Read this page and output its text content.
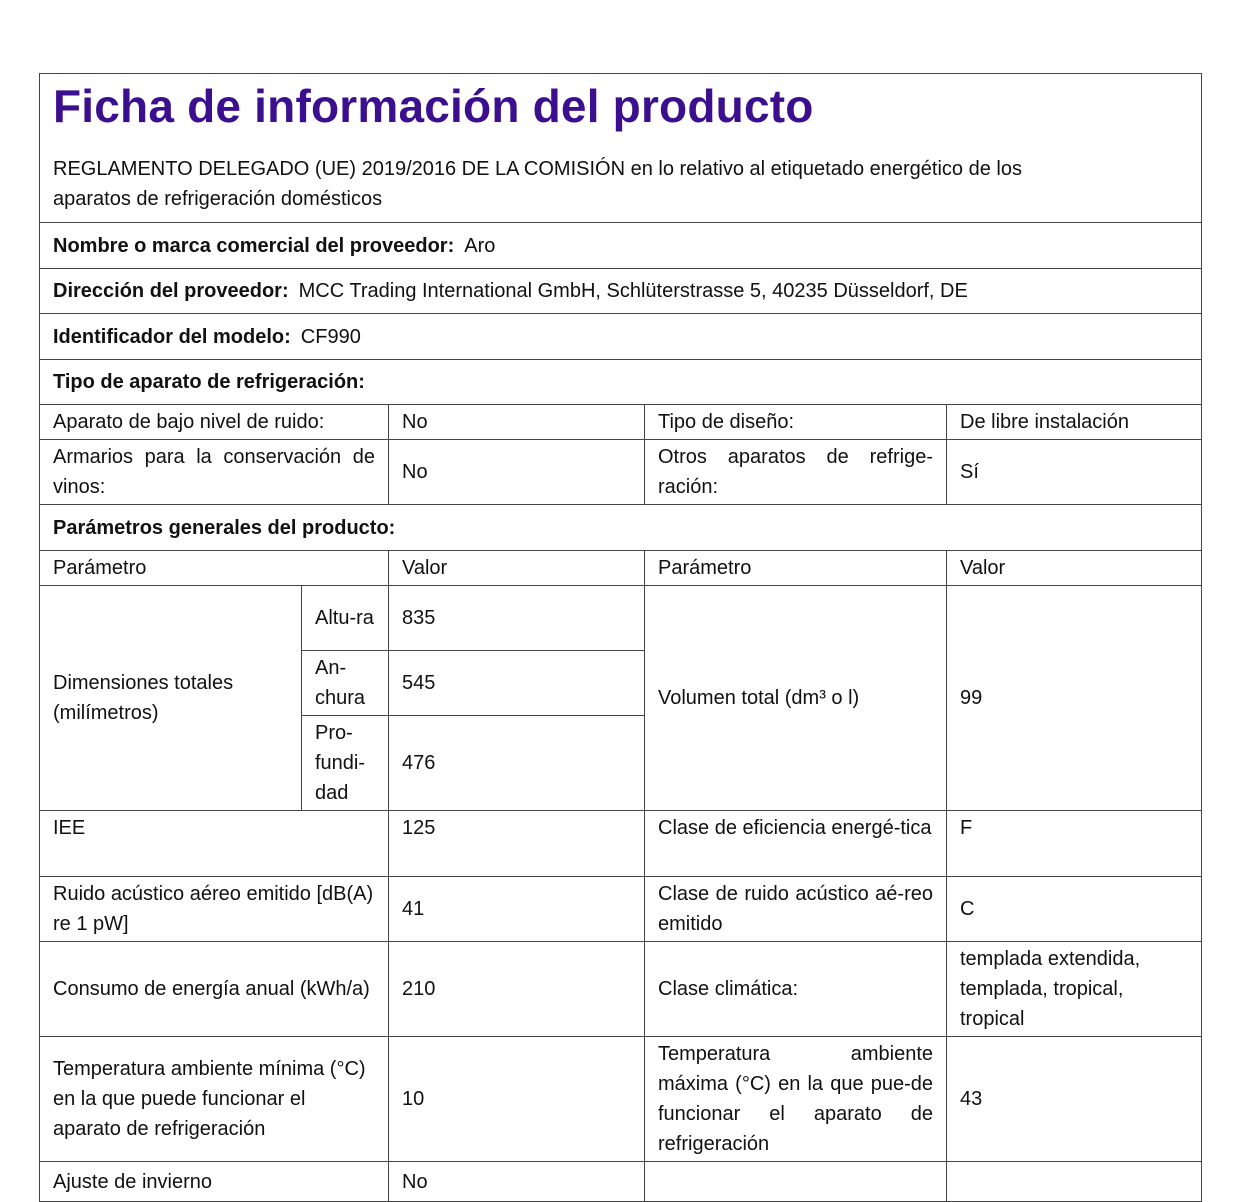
Ficha de información del producto
REGLAMENTO DELEGADO (UE) 2019/2016 DE LA COMISIÓN en lo relativo al etiquetado energético de los
aparatos de refrigeración domésticos				

Nombre o marca comercial del proveedor: Aro				
Dirección del proveedor: MCC Trading International GmbH, Schlüterstrasse 5, 40235 Düsseldorf, DE				
Identificador del modelo: CF990				
Tipo de aparato de refrigeración:				
Aparato de bajo nivel de ruido:		No	Tipo de diseño:	De libre instalación
Armarios para la conservación de vinos:		No	Otros aparatos de refrige-ración:	Sí
Parámetros generales del producto:				
Parámetro		Valor	Parámetro	Valor
Dimensiones totales (milímetros)	Altu-ra	835	Volumen total (dm³ o l)	99
	An-chura	545		
	Pro-fundi-dad	476		
IEE		125	Clase de eficiencia energé-tica	F
Ruido acústico aéreo emitido [dB(A) re 1 pW]		41	Clase de ruido acústico aé-reo emitido	C
Consumo de energía anual (kWh/a)		210	Clase climática:	templada extendida, templada, tropical, tropical
Temperatura ambiente mínima (°C) en la que puede funcionar el aparato de refrigeración		10	Temperatura ambiente máxima (°C) en la que pue-de funcionar el aparato de refrigeración	43
Ajuste de invierno		No		
